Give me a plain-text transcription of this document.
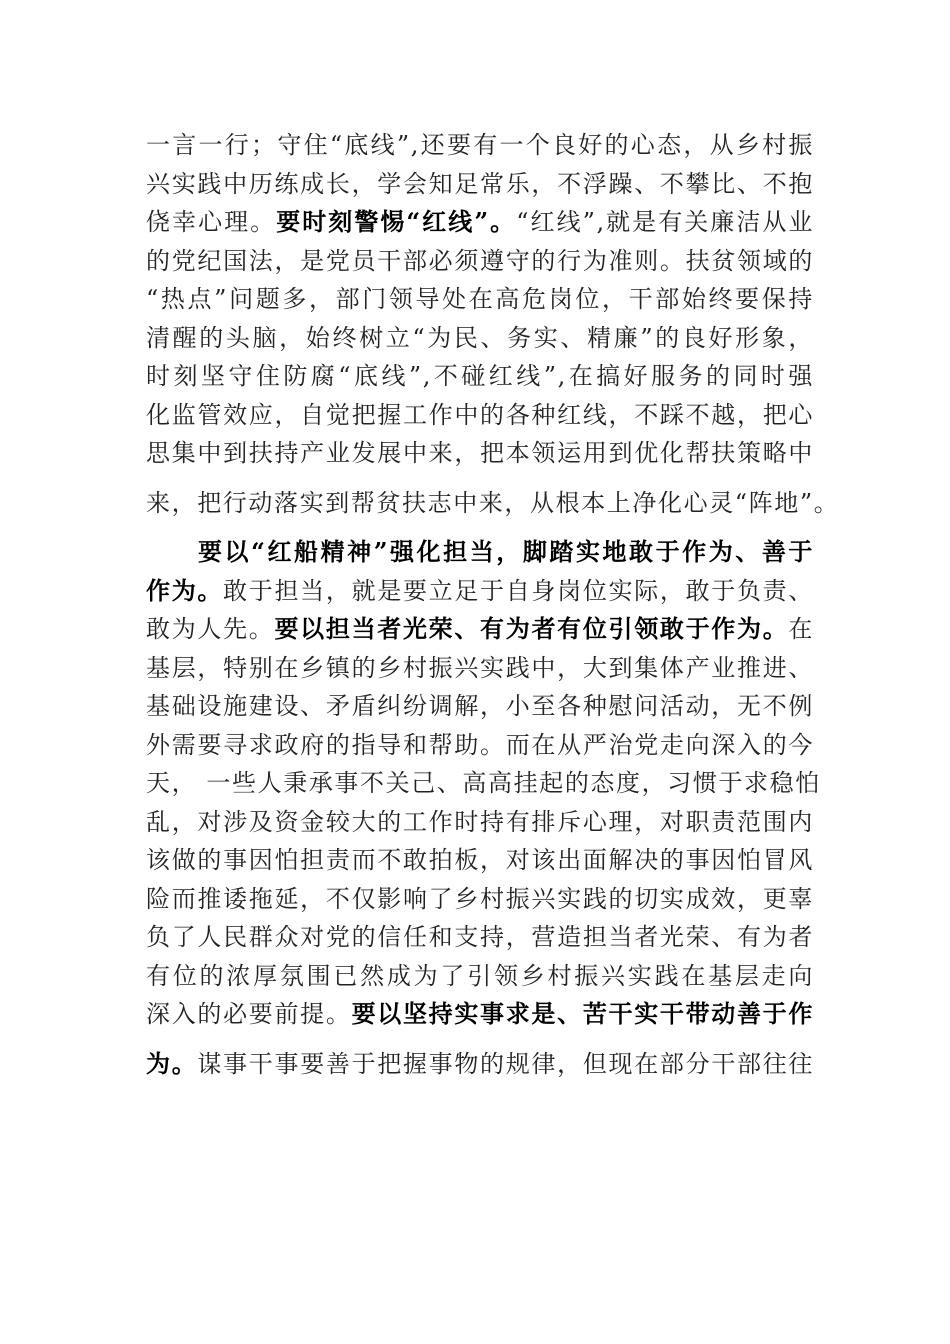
一言一行；守住“底线”,还要有一个良好的心态，从乡村振
兴实践中历练成长，学会知足常乐，不浮躁、不攀比、不抱
侥幸心理。要时刻警惕“红线”。“红线”,就是有关廉洁从业
的党纪国法，是党员干部必须遵守的行为准则。扶贫领域的
“热点”问题多，部门领导处在高危岗位，干部始终要保持
清醒的头脑，始终树立“为民、务实、精廉”的良好形象，
时刻坚守住防腐“底线”,不碰红线”,在搞好服务的同时强
化监管效应，自觉把握工作中的各种红线，不踩不越，把心
思集中到扶持产业发展中来，把本领运用到优化帮扶策略中
来，把行动落实到帮贫扶志中来，从根本上净化心灵“阵地”。
要以“红船精神”强化担当，脚踏实地敢于作为、善于
作为。敢于担当，就是要立足于自身岗位实际，敢于负责、
敢为人先。要以担当者光荣、有为者有位引领敢于作为。在
基层，特别在乡镇的乡村振兴实践中，大到集体产业推进、
基础设施建设、矛盾纠纷调解，小至各种慰问活动，无不例
外需要寻求政府的指导和帮助。而在从严治党走向深入的今
天， 一些人秉承事不关己、高高挂起的态度，习惯于求稳怕
乱，对涉及资金较大的工作时持有排斥心理，对职责范围内
该做的事因怕担责而不敢拍板，对该出面解决的事因怕冒风
险而推诿拖延，不仅影响了乡村振兴实践的切实成效，更辜
负了人民群众对党的信任和支持，营造担当者光荣、有为者
有位的浓厚氛围已然成为了引领乡村振兴实践在基层走向
深入的必要前提。要以坚持实事求是、苦干实干带动善于作
为。谋事干事要善于把握事物的规律，但现在部分干部往往
